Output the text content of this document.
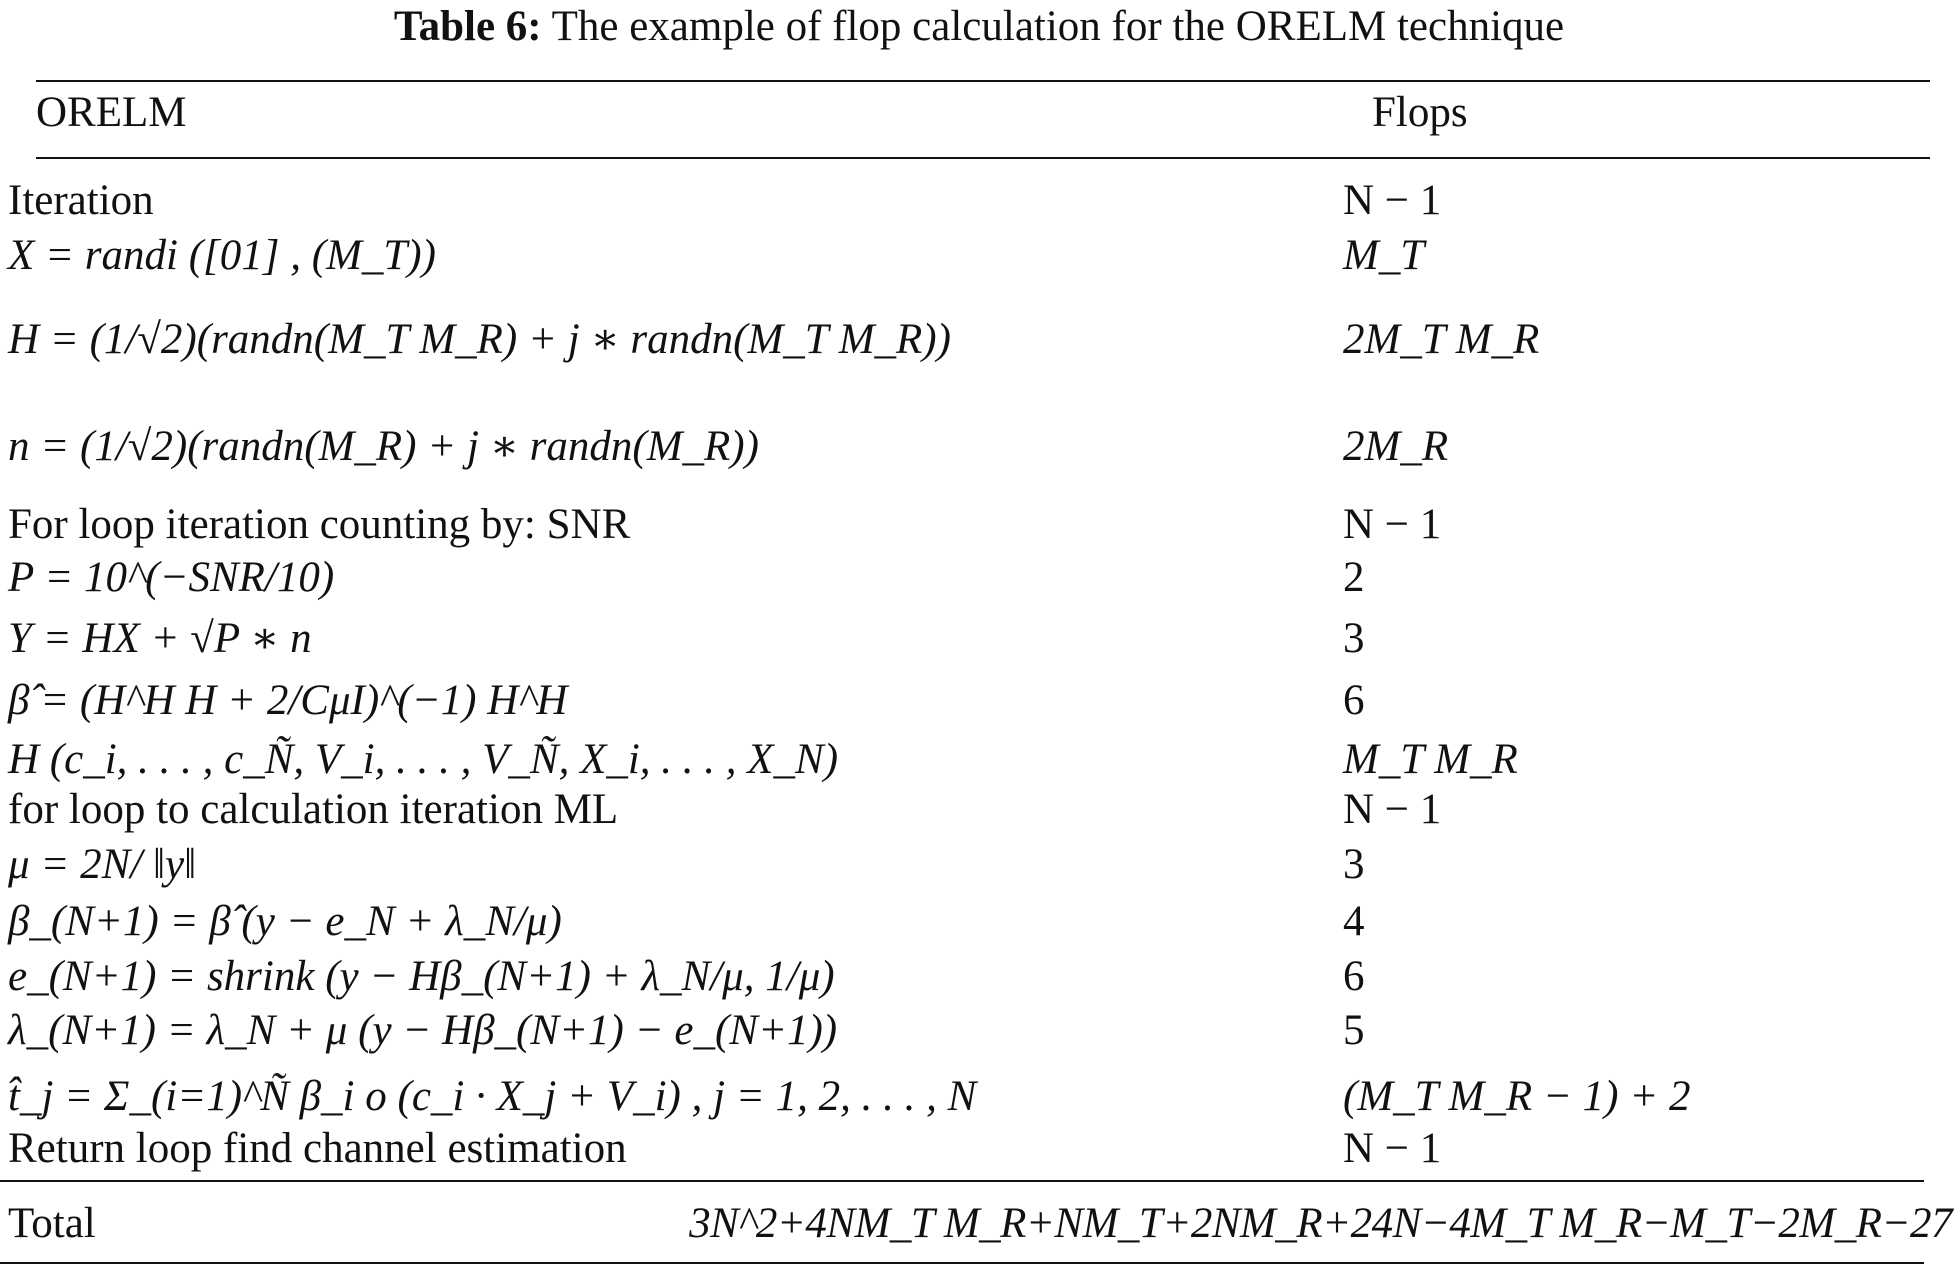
Table 6: The example of flop calculation for the ORELM technique
ORELM	Flops
Iteration	N − 1
X = randi ([01] , (M_T))	M_T
H = (1/√2)(randn(M_T M_R) + j ∗ randn(M_T M_R))	2M_T M_R
n = (1/√2)(randn(M_R) + j ∗ randn(M_R))	2M_R
For loop iteration counting by: SNR	N − 1
P = 10^(−SNR/10)	2
Y = HX + √P ∗ n	3
β̂ = (H^H H + 2/CμI)^(−1) H^H	6
H (c_i, . . . , c_Ñ, V_i, . . . , V_Ñ, X_i, . . . , X_N)	M_T M_R
for loop to calculation iteration ML	N − 1
μ = 2N/ ‖y‖	3
β_(N+1) = β̂ (y − e_N + λ_N/μ)	4
e_(N+1) = shrink (y − Hβ_(N+1) + λ_N/μ, 1/μ)	6
λ_(N+1) = λ_N + μ (y − Hβ_(N+1) − e_(N+1))	5
t̂_j = Σ_(i=1)^Ñ β_i o (c_i · X_j + V_i) , j = 1, 2, . . . , N	(M_T M_R − 1) + 2
Return loop find channel estimation	N − 1
Total	3N^2+4NM_T M_R+NM_T+2NM_R+24N−4M_T M_R−M_T−2M_R−27
